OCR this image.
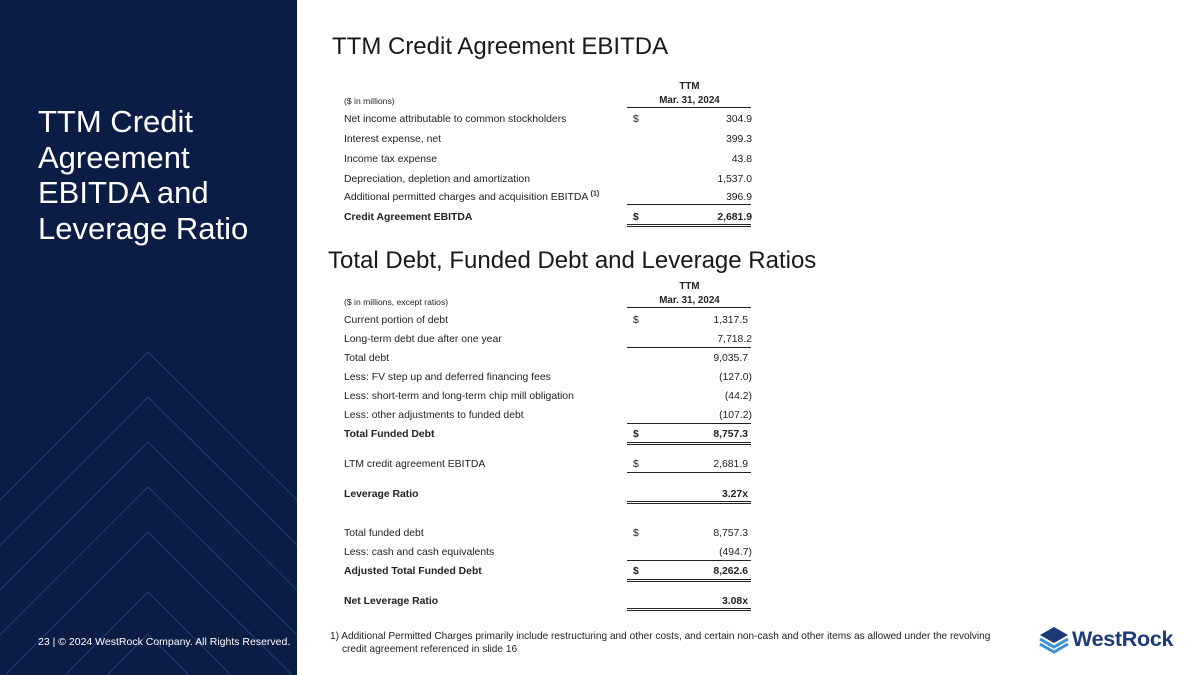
TTM Credit Agreement EBITDA and Leverage Ratio
23 | © 2024 WestRock Company. All Rights Reserved.
TTM Credit Agreement EBITDA
($ in millions)
TTM
Mar. 31, 2024
Net income attributable to common stockholders	$	304.9
Interest expense, net	399.3
Income tax expense	43.8
Depreciation, depletion and amortization	1,537.0
Additional permitted charges and acquisition EBITDA $^{(1)}$	396.9
Credit Agreement EBITDA	$	2,681.9
Total Debt, Funded Debt and Leverage Ratios
($ in millions, except ratios)
TTM
Mar. 31, 2024
Current portion of debt	$	1,317.5
Long-term debt due after one year	7,718.2
Total debt	9,035.7
Less: FV step up and deferred financing fees	(127.0)
Less: short-term and long-term chip mill obligation	(44.2)
Less: other adjustments to funded debt	(107.2)
Total Funded Debt	$	8,757.3
LTM credit agreement EBITDA	$	2,681.9
Leverage Ratio	3.27x
Total funded debt	$	8,757.3
Less: cash and cash equivalents	(494.7)
Adjusted Total Funded Debt	$	8,262.6
Net Leverage Ratio	3.08x
1) Additional Permitted Charges primarily include restructuring and other costs, and certain non-cash and other items as allowed under the revolving
credit agreement referenced in slide 16	WestRock
